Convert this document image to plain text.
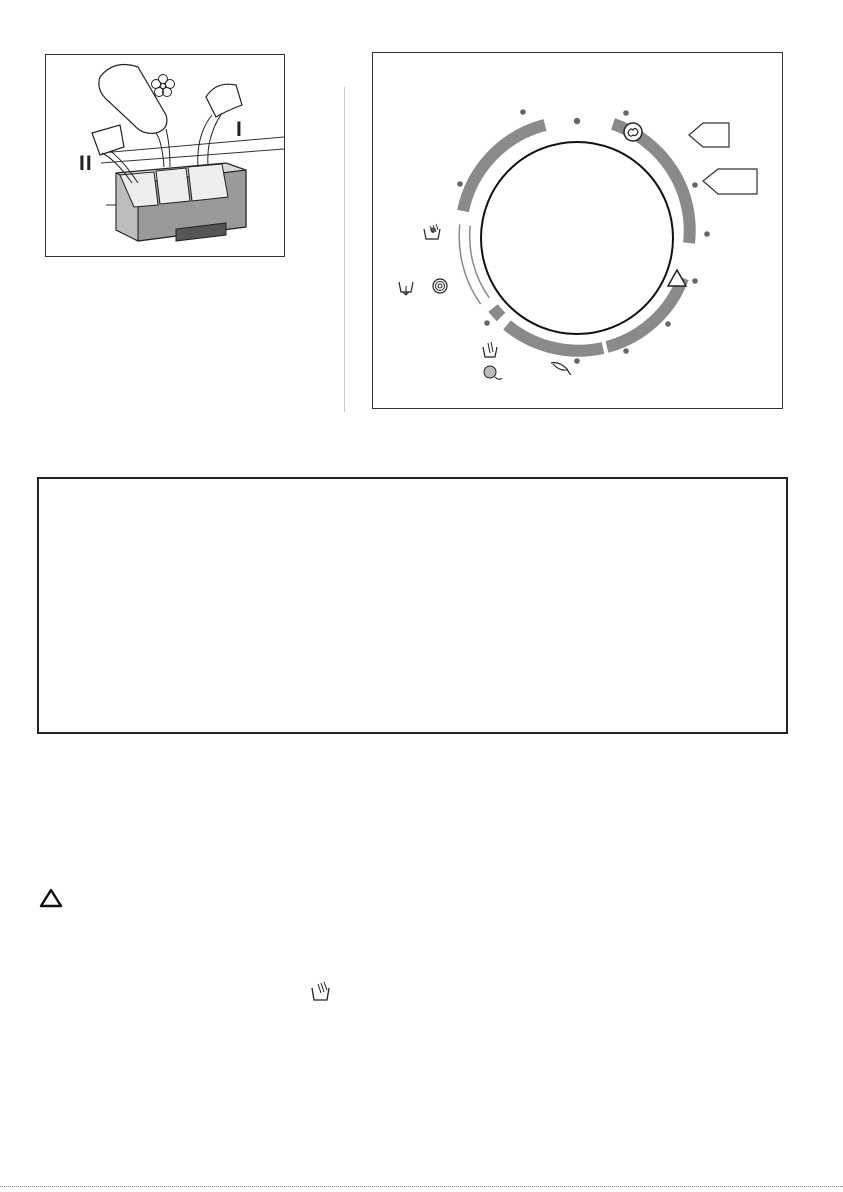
I
II
